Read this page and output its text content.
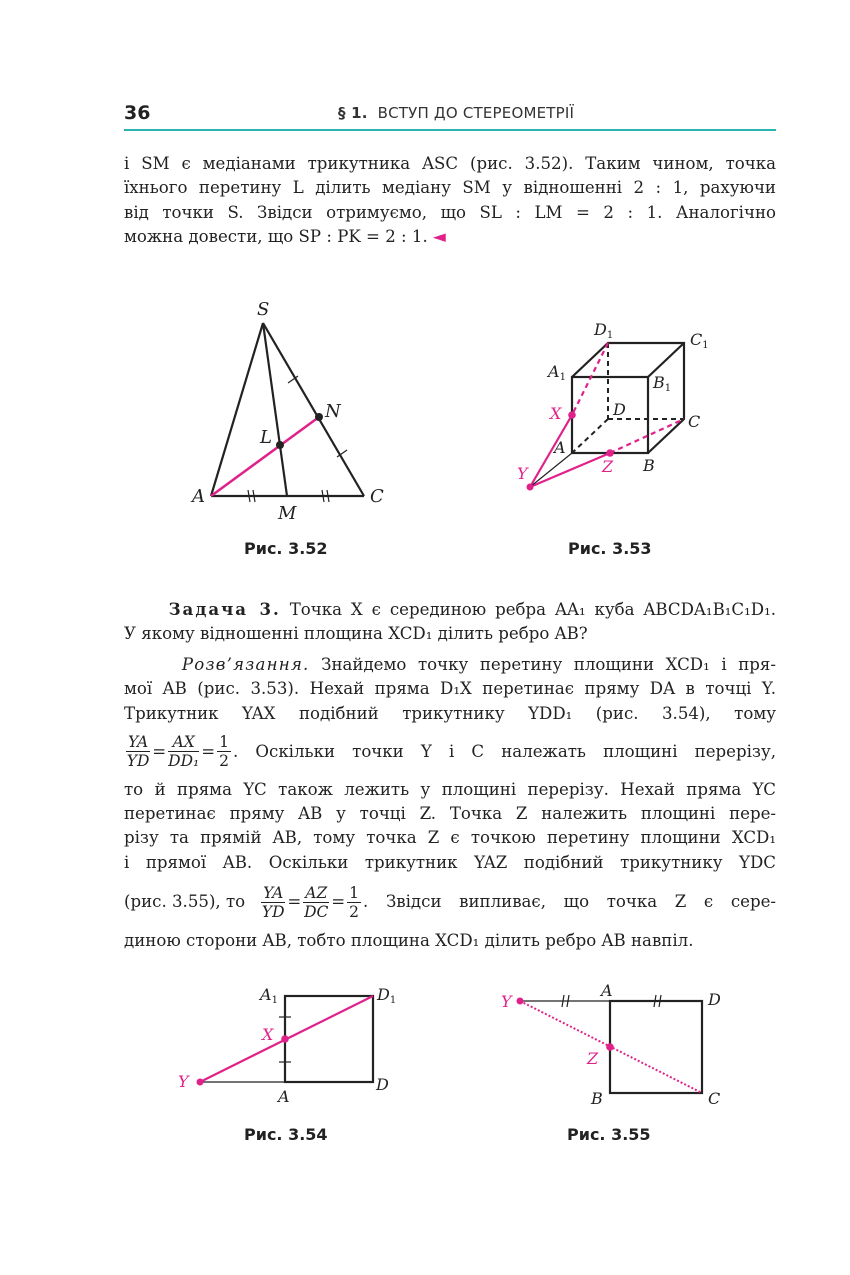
36	§ 1. ВСТУП ДО СТЕРЕОМЕТРІЇ
і SM є медіанами трикутника ASC (рис. 3.52). Таким чином, точка
їхнього перетину L ділить медіану SM у відношенні 2 : 1, рахуючи
від точки S. Звідси отримуємо, що SL : LM = 2 : 1. Аналогічно
можна довести, що SP : PK = 2 : 1. ◄
S
N
L
A
M
C
Рис. 3.52
D1	C1
A1	B1
X	D
C
A
Y	Z B
Рис. 3.53
Задача 3. Точка X є серединою ребра AA₁ куба ABCDA₁B₁C₁D₁.
У якому відношенні площина XCD₁ ділить ребро AB?
Розв’язання. Знайдемо точку перетину площини XCD₁ і пря-
мої AB (рис. 3.53). Нехай пряма D₁X перетинає пряму DA в точці Y.
Трикутник YAX подібний трикутнику YDD₁ (рис. 3.54), тому
$\frac{YA}{YD} = \frac{AX}{\text{DD₁}} = \frac{1}{2}$ . Оскільки точки Y і C належать площині перерізу,
то й пряма YC також лежить у площині перерізу. Нехай пряма YC
перетинає пряму AB у точці Z. Точка Z належить площині пере-
різу та прямій AB, тому точка Z є точкою перетину площини XCD₁
і прямої AB. Оскільки трикутник YAZ подібний трикутнику YDC
(рис. 3.55), то $\frac{YA}{YD} = \frac{AZ}{DC} = \frac{1}{2}$ . Звідси випливає, що точка Z є сере-
диною сторони AB, тобто площина XCD₁ ділить ребро AB навпіл.
A1	D1
X
Y
A
D
Рис. 3.54
Y
A	D
Z
B	C
Рис. 3.55
